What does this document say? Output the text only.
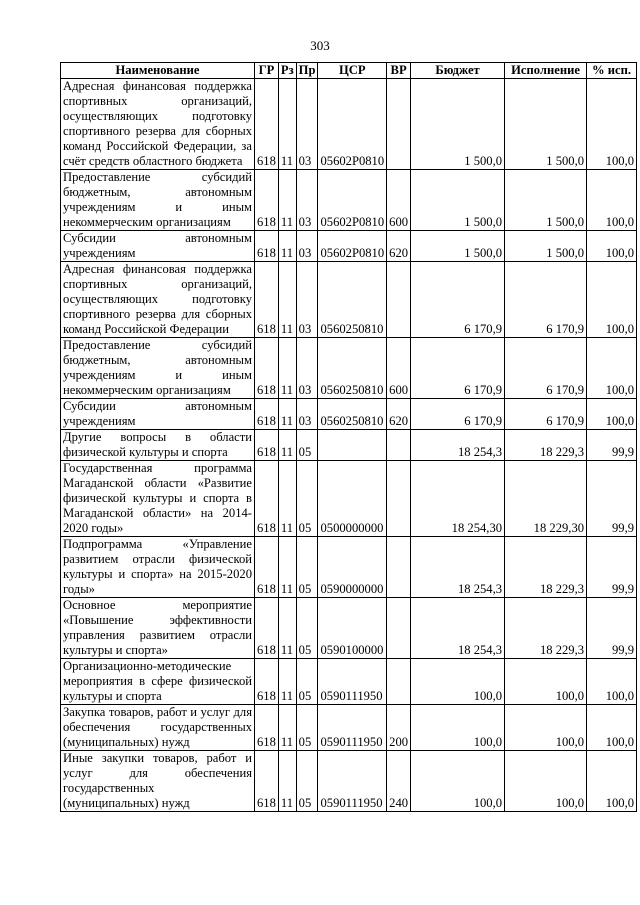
303
Наименование	ГР	Рз	Пр	ЦСР	ВР	Бюджет	Исполнение	% исп.
Адресная финансовая поддержка спортивных организаций, осуществляющих подготовку спортивного резерва для сборных команд Российской Федерации, за счёт средств областного бюджета	618	11	03	05602Р0810		1 500,0	1 500,0	100,0
Предоставление субсидий бюджетным, автономным учреждениям и иным некоммерческим организациям	618	11	03	05602Р0810	600	1 500,0	1 500,0	100,0
Субсидии автономным учреждениям	618	11	03	05602Р0810	620	1 500,0	1 500,0	100,0
Адресная финансовая поддержка спортивных организаций, осуществляющих подготовку спортивного резерва для сборных команд Российской Федерации	618	11	03	0560250810		6 170,9	6 170,9	100,0
Предоставление субсидий бюджетным, автономным учреждениям и иным некоммерческим организациям	618	11	03	0560250810	600	6 170,9	6 170,9	100,0
Субсидии автономным учреждениям	618	11	03	0560250810	620	6 170,9	6 170,9	100,0
Другие вопросы в области физической культуры и спорта	618	11	05			18 254,3	18 229,3	99,9
Государственная программа Магаданской области «Развитие физической культуры и спорта в Магаданской области» на 2014-2020 годы»	618	11	05	0500000000		18 254,30	18 229,30	99,9
Подпрограмма «Управление развитием отрасли физической культуры и спорта» на 2015-2020 годы»	618	11	05	0590000000		18 254,3	18 229,3	99,9
Основное мероприятие «Повышение эффективности управления развитием отрасли культуры и спорта»	618	11	05	0590100000		18 254,3	18 229,3	99,9
Организационно-методические мероприятия в сфере физической культуры и спорта	618	11	05	0590111950		100,0	100,0	100,0
Закупка товаров, работ и услуг для обеспечения государственных (муниципальных) нужд	618	11	05	0590111950	200	100,0	100,0	100,0
Иные закупки товаров, работ и услуг для обеспечения государственных (муниципальных) нужд	618	11	05	0590111950	240	100,0	100,0	100,0
